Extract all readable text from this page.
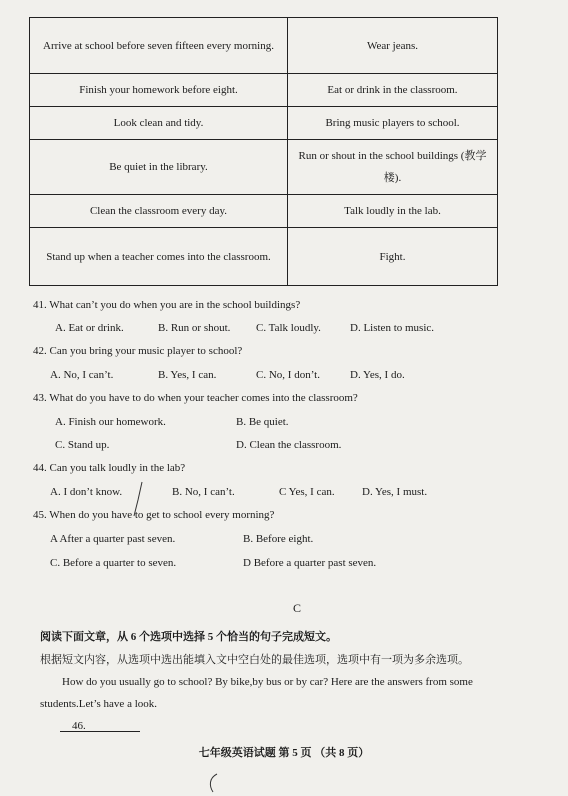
Arrive at school before seven fifteen every morning.	Wear jeans.
Finish your homework before eight.	Eat or drink in the classroom.
Look clean and tidy.	Bring music players to school.
Be quiet in the library.	Run or shout in the school buildings (教学楼).
Clean the classroom every day.	Talk loudly in the lab.
Stand up when a teacher comes into the classroom.	Fight.
41. What can’t you do when you are in the school buildings?
A. Eat or drink.	B. Run or shout. C. Talk loudly.	D. Listen to music.
42. Can you bring your music player to school?
A. No, I can’t.	B. Yes, I can.	C. No, I don’t.	D. Yes, I do.
43. What do you have to do when your teacher comes into the classroom?
A. Finish our homework.	B. Be quiet.
C. Stand up.	D. Clean the classroom.
44. Can you talk loudly in the lab?
A. I don’t know.	B. No, I can’t.	C Yes, I can. D. Yes, I must.
45. When do you have to get to school every morning?
A After a quarter past seven.	B. Before eight.
C. Before a quarter to seven.	D Before a quarter past seven.
C
阅读下面文章，从 6 个选项中选择 5 个恰当的句子完成短文。
根据短文内容，从选项中选出能填入文中空白处的最佳选项，选项中有一项为多余选项。
How do you usually go to school? By bike,by bus or by car? Here are the answers from some students.Let’s have a look.
46.
七年级英语试题 第 5 页 （共 8 页）
